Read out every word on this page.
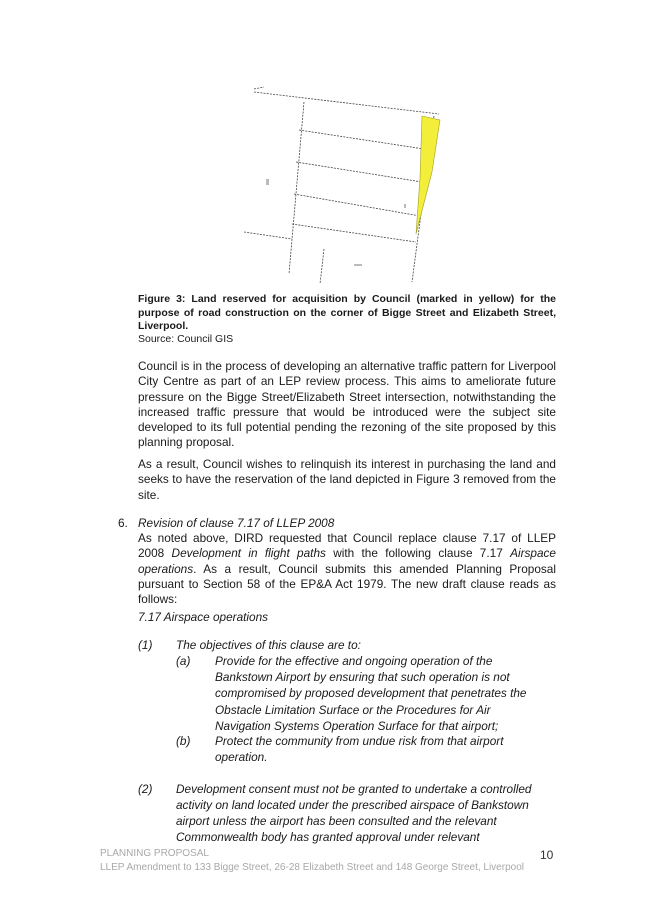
Figure 3: Land reserved for acquisition by Council (marked in yellow) for the purpose of road construction on the corner of Bigge Street and Elizabeth Street, Liverpool.
Source: Council GIS
Council is in the process of developing an alternative traffic pattern for Liverpool City Centre as part of an LEP review process. This aims to ameliorate future pressure on the Bigge Street/Elizabeth Street intersection, notwithstanding the increased traffic pressure that would be introduced were the subject site developed to its full potential pending the rezoning of the site proposed by this planning proposal.
As a result, Council wishes to relinquish its interest in purchasing the land and seeks to have the reservation of the land depicted in Figure 3 removed from the site.
6. Revision of clause 7.17 of LLEP 2008
As noted above, DIRD requested that Council replace clause 7.17 of LLEP 2008 Development in flight paths with the following clause 7.17 Airspace operations. As a result, Council submits this amended Planning Proposal pursuant to Section 58 of the EP&A Act 1979. The new draft clause reads as follows:
7.17 Airspace operations
(1) The objectives of this clause are to:
(a) Provide for the effective and ongoing operation of the Bankstown Airport by ensuring that such operation is not compromised by proposed development that penetrates the Obstacle Limitation Surface or the Procedures for Air Navigation Systems Operation Surface for that airport;
(b) Protect the community from undue risk from that airport operation.
(2) Development consent must not be granted to undertake a controlled activity on land located under the prescribed airspace of Bankstown airport unless the airport has been consulted and the relevant Commonwealth body has granted approval under relevant
PLANNING PROPOSAL
LLEP Amendment to 133 Bigge Street, 26-28 Elizabeth Street and 148 George Street, Liverpool
10
